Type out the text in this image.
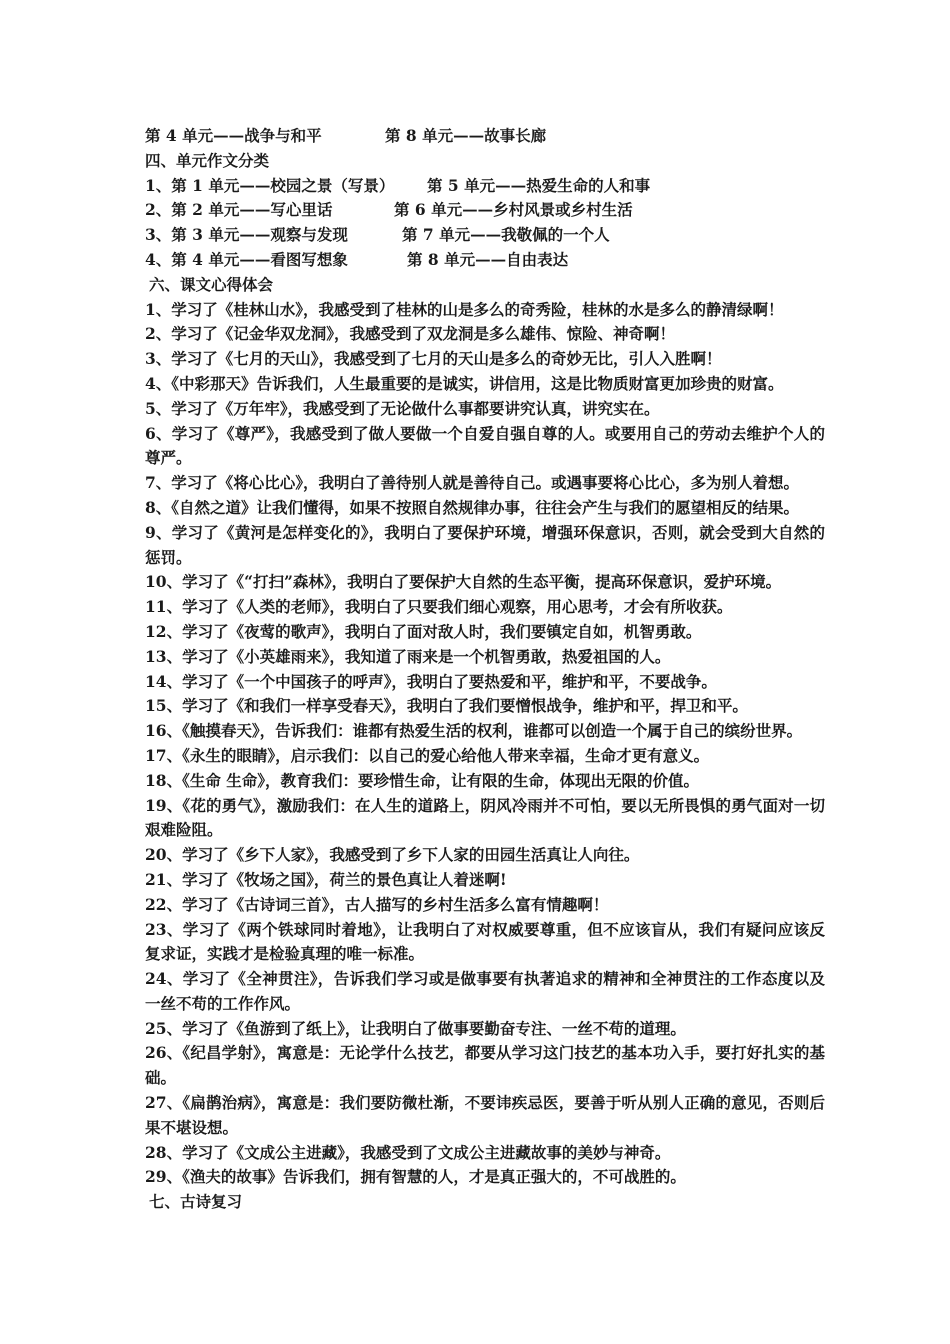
第 4 单元——战争与和平	第 8 单元——故事长廊
四、单元作文分类
1、第 1 单元——校园之景（写景） 第 5 单元——热爱生命的人和事
2、第 2 单元——写心里话	第 6 单元——乡村风景或乡村生活
3、第 3 单元——观察与发现	第 7 单元——我敬佩的一个人
4、第 4 单元——看图写想象	第 8 单元——自由表达
六、课文心得体会
1、学习了《桂林山水》，我感受到了桂林的山是多么的奇秀险，桂林的水是多么的静清绿啊！
2、学习了《记金华双龙洞》，我感受到了双龙洞是多么雄伟、惊险、神奇啊！
3、学习了《七月的天山》，我感受到了七月的天山是多么的奇妙无比，引人入胜啊！
4、《中彩那天》告诉我们，人生最重要的是诚实，讲信用，这是比物质财富更加珍贵的财富。
5、学习了《万年牢》，我感受到了无论做什么事都要讲究认真，讲究实在。
6、学习了《尊严》，我感受到了做人要做一个自爱自强自尊的人。或要用自己的劳动去维护个人的尊严。
7、学习了《将心比心》，我明白了善待别人就是善待自己。或遇事要将心比心，多为别人着想。
8、《自然之道》让我们懂得，如果不按照自然规律办事，往往会产生与我们的愿望相反的结果。
9、学习了《黄河是怎样变化的》，我明白了要保护环境，增强环保意识，否则，就会受到大自然的惩罚。
10、学习了《“打扫”森林》，我明白了要保护大自然的生态平衡，提高环保意识，爱护环境。
11、学习了《人类的老师》，我明白了只要我们细心观察，用心思考，才会有所收获。
12、学习了《夜莺的歌声》，我明白了面对敌人时，我们要镇定自如，机智勇敢。
13、学习了《小英雄雨来》，我知道了雨来是一个机智勇敢，热爱祖国的人。
14、学习了《一个中国孩子的呼声》，我明白了要热爱和平，维护和平，不要战争。
15、学习了《和我们一样享受春天》，我明白了我们要憎恨战争，维护和平，捍卫和平。
16、《触摸春天》，告诉我们：谁都有热爱生活的权利，谁都可以创造一个属于自己的缤纷世界。
17、《永生的眼睛》，启示我们：以自己的爱心给他人带来幸福，生命才更有意义。
18、《生命 生命》，教育我们：要珍惜生命，让有限的生命，体现出无限的价值。
19、《花的勇气》，激励我们：在人生的道路上，阴风冷雨并不可怕，要以无所畏惧的勇气面对一切艰难险阻。
20、学习了《乡下人家》，我感受到了乡下人家的田园生活真让人向往。
21、学习了《牧场之国》，荷兰的景色真让人着迷啊!
22、学习了《古诗词三首》，古人描写的乡村生活多么富有情趣啊！
23、学习了《两个铁球同时着地》，让我明白了对权威要尊重，但不应该盲从，我们有疑问应该反复求证，实践才是检验真理的唯一标准。
24、学习了《全神贯注》，告诉我们学习或是做事要有执著追求的精神和全神贯注的工作态度以及一丝不苟的工作作风。
25、学习了《鱼游到了纸上》，让我明白了做事要勤奋专注、一丝不苟的道理。
26、《纪昌学射》，寓意是：无论学什么技艺，都要从学习这门技艺的基本功入手，要打好扎实的基础。
27、《扁鹊治病》，寓意是：我们要防微杜渐，不要讳疾忌医，要善于听从别人正确的意见，否则后果不堪设想。
28、学习了《文成公主进藏》，我感受到了文成公主进藏故事的美妙与神奇。
29、《渔夫的故事》告诉我们，拥有智慧的人，才是真正强大的，不可战胜的。
七、古诗复习
